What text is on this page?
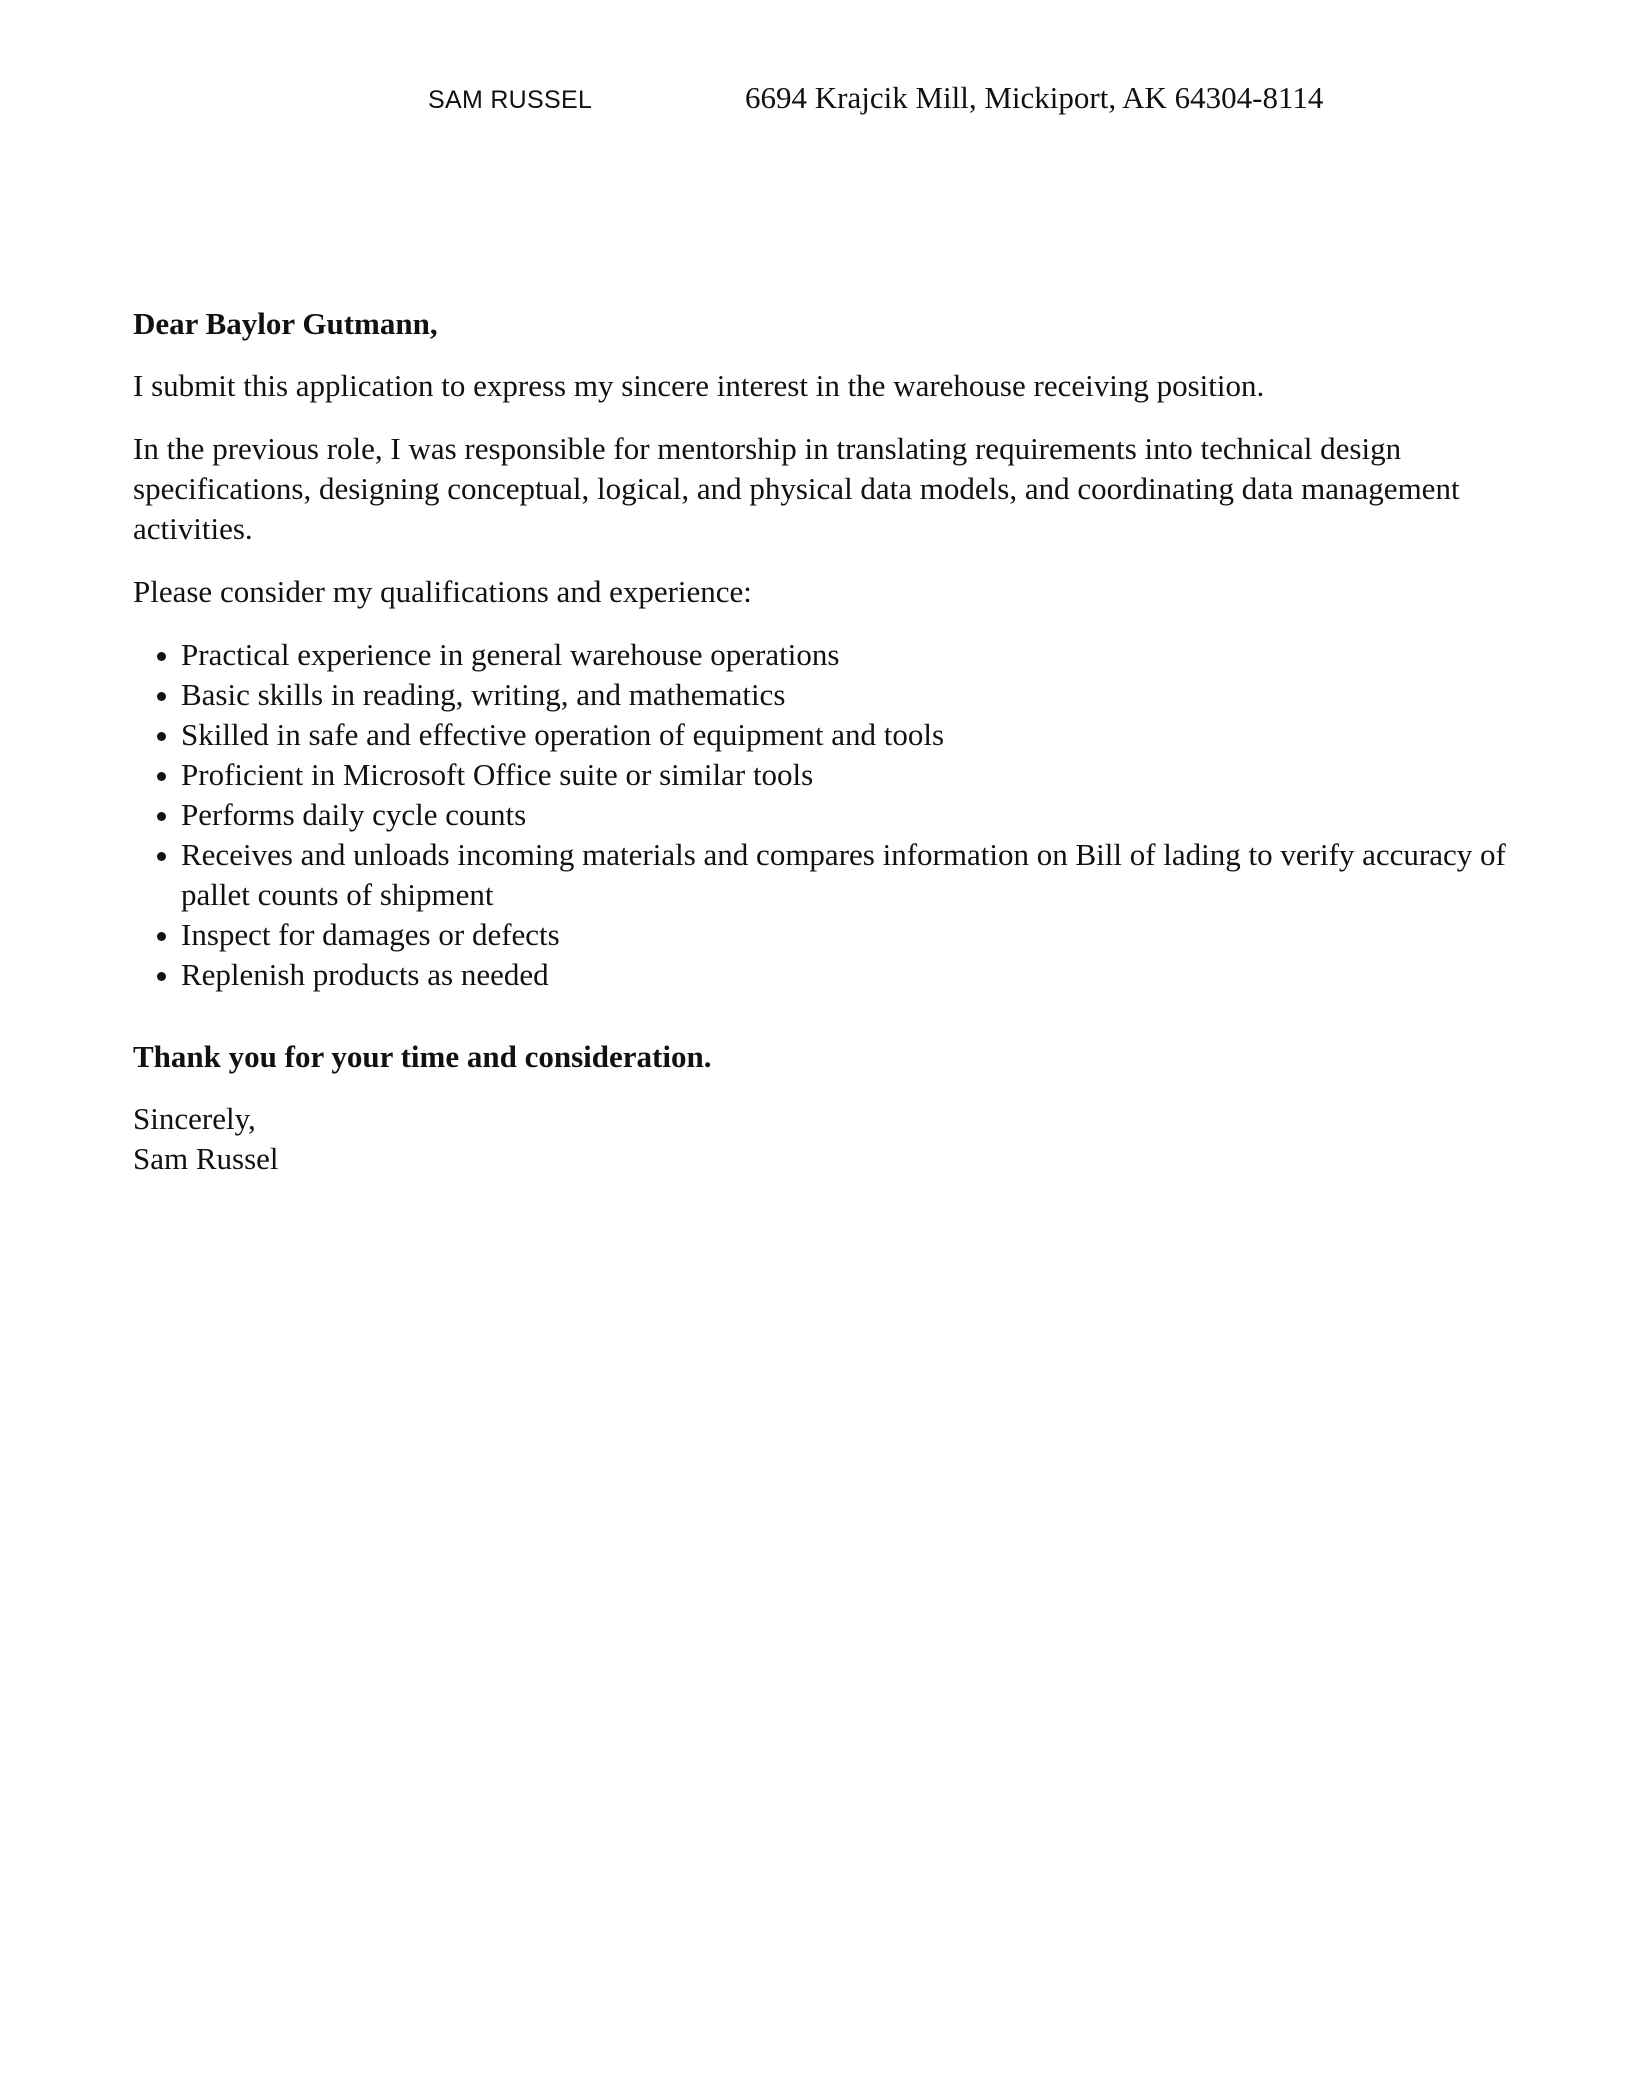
SAM RUSSEL	6694 Krajcik Mill, Mickiport, AK 64304-8114

Dear Baylor Gutmann,

I submit this application to express my sincere interest in the warehouse receiving position.

In the previous role, I was responsible for mentorship in translating requirements into technical design specifications, designing conceptual, logical, and physical data models, and coordinating data management activities.

Please consider my qualifications and experience:

Practical experience in general warehouse operations
Basic skills in reading, writing, and mathematics
Skilled in safe and effective operation of equipment and tools
Proficient in Microsoft Office suite or similar tools
Performs daily cycle counts
Receives and unloads incoming materials and compares information on Bill of lading to verify accuracy of pallet counts of shipment
Inspect for damages or defects
Replenish products as needed

Thank you for your time and consideration.

Sincerely,
Sam Russel
